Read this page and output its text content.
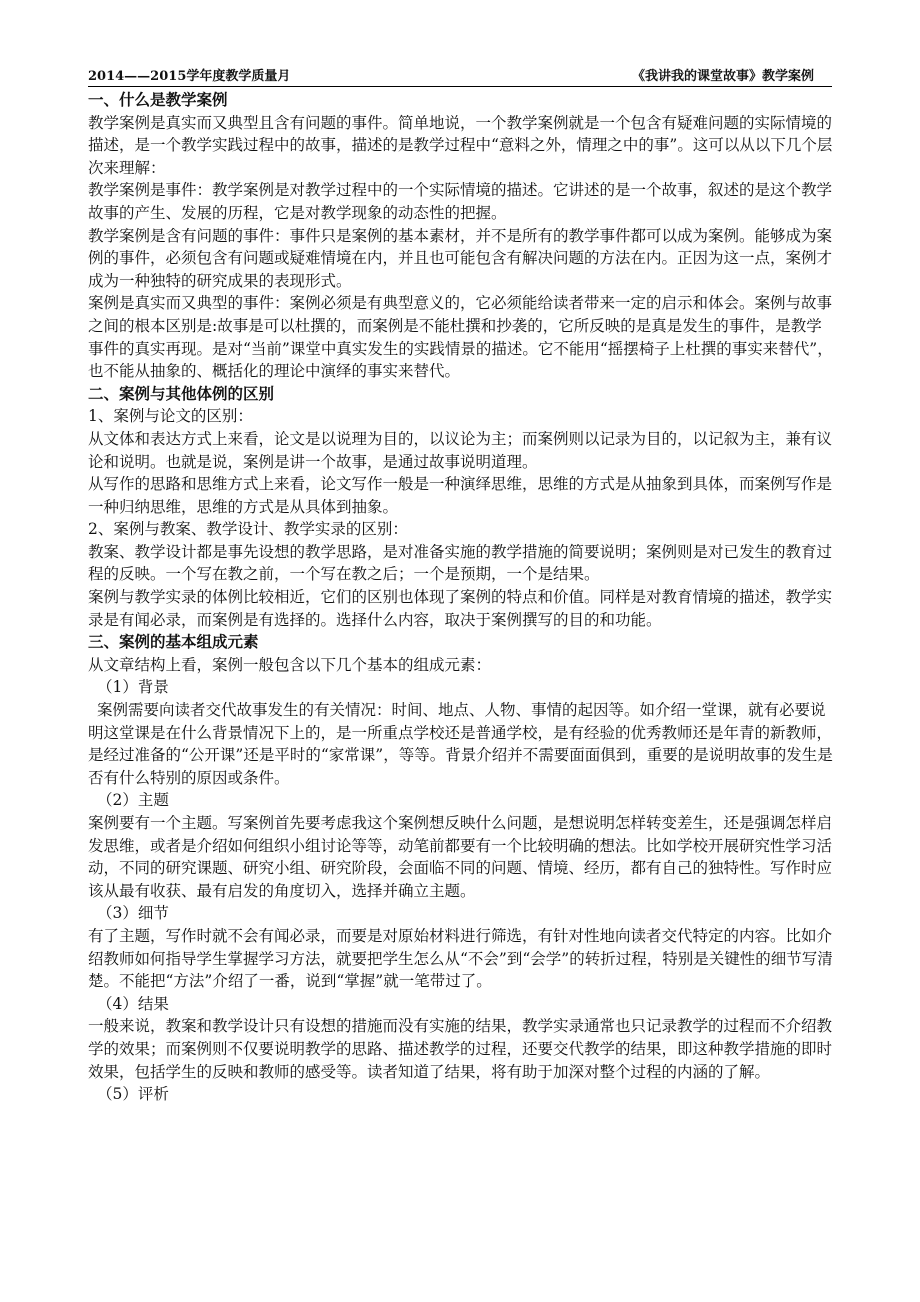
2014——2015学年度教学质量月	《我讲我的课堂故事》教学案例

一、什么是教学案例

教学案例是真实而又典型且含有问题的事件。简单地说，一个教学案例就是一个包含有疑难问题的实际情境的描述，是一个教学实践过程中的故事，描述的是教学过程中“意料之外，情理之中的事”。这可以从以下几个层次来理解：

教学案例是事件：教学案例是对教学过程中的一个实际情境的描述。它讲述的是一个故事，叙述的是这个教学故事的产生、发展的历程，它是对教学现象的动态性的把握。

教学案例是含有问题的事件：事件只是案例的基本素材，并不是所有的教学事件都可以成为案例。能够成为案例的事件，必须包含有问题或疑难情境在内，并且也可能包含有解决问题的方法在内。正因为这一点，案例才成为一种独特的研究成果的表现形式。

案例是真实而又典型的事件：案例必须是有典型意义的，它必须能给读者带来一定的启示和体会。案例与故事之间的根本区别是:故事是可以杜撰的，而案例是不能杜撰和抄袭的，它所反映的是真是发生的事件，是教学事件的真实再现。是对“当前”课堂中真实发生的实践情景的描述。它不能用“摇摆椅子上杜撰的事实来替代”，也不能从抽象的、概括化的理论中演绎的事实来替代。

二、案例与其他体例的区别

1、案例与论文的区别：

从文体和表达方式上来看，论文是以说理为目的，以议论为主；而案例则以记录为目的，以记叙为主，兼有议论和说明。也就是说，案例是讲一个故事，是通过故事说明道理。

从写作的思路和思维方式上来看，论文写作一般是一种演绎思维，思维的方式是从抽象到具体，而案例写作是一种归纳思维，思维的方式是从具体到抽象。

2、案例与教案、教学设计、教学实录的区别：

教案、教学设计都是事先设想的教学思路，是对准备实施的教学措施的简要说明；案例则是对已发生的教育过程的反映。一个写在教之前，一个写在教之后；一个是预期，一个是结果。

案例与教学实录的体例比较相近，它们的区别也体现了案例的特点和价值。同样是对教育情境的描述，教学实录是有闻必录，而案例是有选择的。选择什么内容，取决于案例撰写的目的和功能。

三、案例的基本组成元素

从文章结构上看，案例一般包含以下几个基本的组成元素：

（1）背景

案例需要向读者交代故事发生的有关情况：时间、地点、人物、事情的起因等。如介绍一堂课，就有必要说明这堂课是在什么背景情况下上的，是一所重点学校还是普通学校，是有经验的优秀教师还是年青的新教师，是经过准备的“公开课”还是平时的“家常课”，等等。背景介绍并不需要面面俱到，重要的是说明故事的发生是否有什么特别的原因或条件。

（2）主题

案例要有一个主题。写案例首先要考虑我这个案例想反映什么问题，是想说明怎样转变差生，还是强调怎样启发思维，或者是介绍如何组织小组讨论等等，动笔前都要有一个比较明确的想法。比如学校开展研究性学习活动，不同的研究课题、研究小组、研究阶段，会面临不同的问题、情境、经历，都有自己的独特性。写作时应该从最有收获、最有启发的角度切入，选择并确立主题。

（3）细节

有了主题，写作时就不会有闻必录，而要是对原始材料进行筛选，有针对性地向读者交代特定的内容。比如介绍教师如何指导学生掌握学习方法，就要把学生怎么从“不会”到“会学”的转折过程，特别是关键性的细节写清楚。不能把“方法”介绍了一番，说到“掌握”就一笔带过了。

（4）结果

一般来说，教案和教学设计只有设想的措施而没有实施的结果，教学实录通常也只记录教学的过程而不介绍教学的效果；而案例则不仅要说明教学的思路、描述教学的过程，还要交代教学的结果，即这种教学措施的即时效果，包括学生的反映和教师的感受等。读者知道了结果，将有助于加深对整个过程的内涵的了解。

（5）评析
